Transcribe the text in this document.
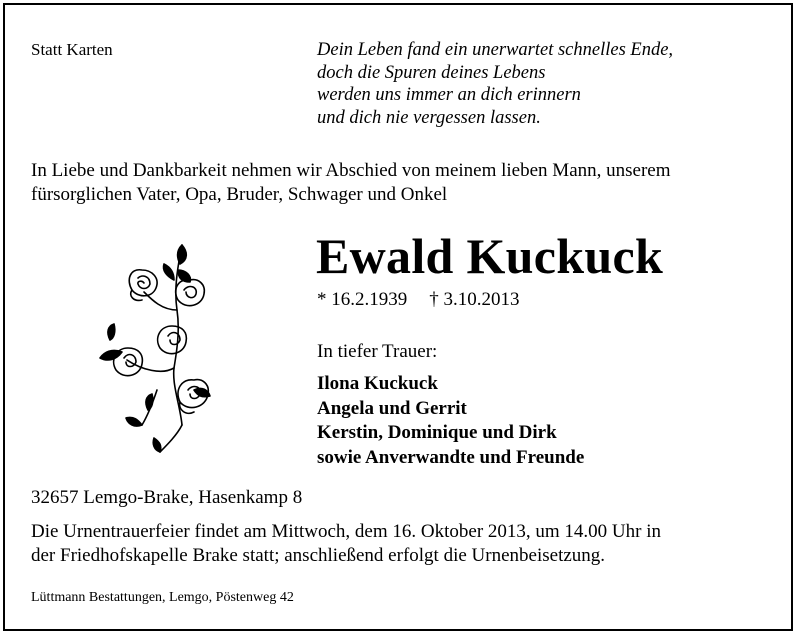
Statt Karten	Dein Leben fand ein unerwartet schnelles Ende,
doch die Spuren deines Lebens
werden uns immer an dich erinnern
und dich nie vergessen lassen.
In Liebe und Dankbarkeit nehmen wir Abschied von meinem lieben Mann, unserem
fürsorglichen Vater, Opa, Bruder, Schwager und Onkel
Ewald Kuckuck
* 16.2.1939 † 3.10.2013
In tiefer Trauer:
Ilona Kuckuck
Angela und Gerrit
Kerstin, Dominique und Dirk
sowie Anverwandte und Freunde
32657 Lemgo-Brake, Hasenkamp 8
Die Urnentrauerfeier findet am Mittwoch, dem 16. Oktober 2013, um 14.00 Uhr in
der Friedhofskapelle Brake statt; anschließend erfolgt die Urnenbeisetzung.
Lüttmann Bestattungen, Lemgo, Pöstenweg 42
